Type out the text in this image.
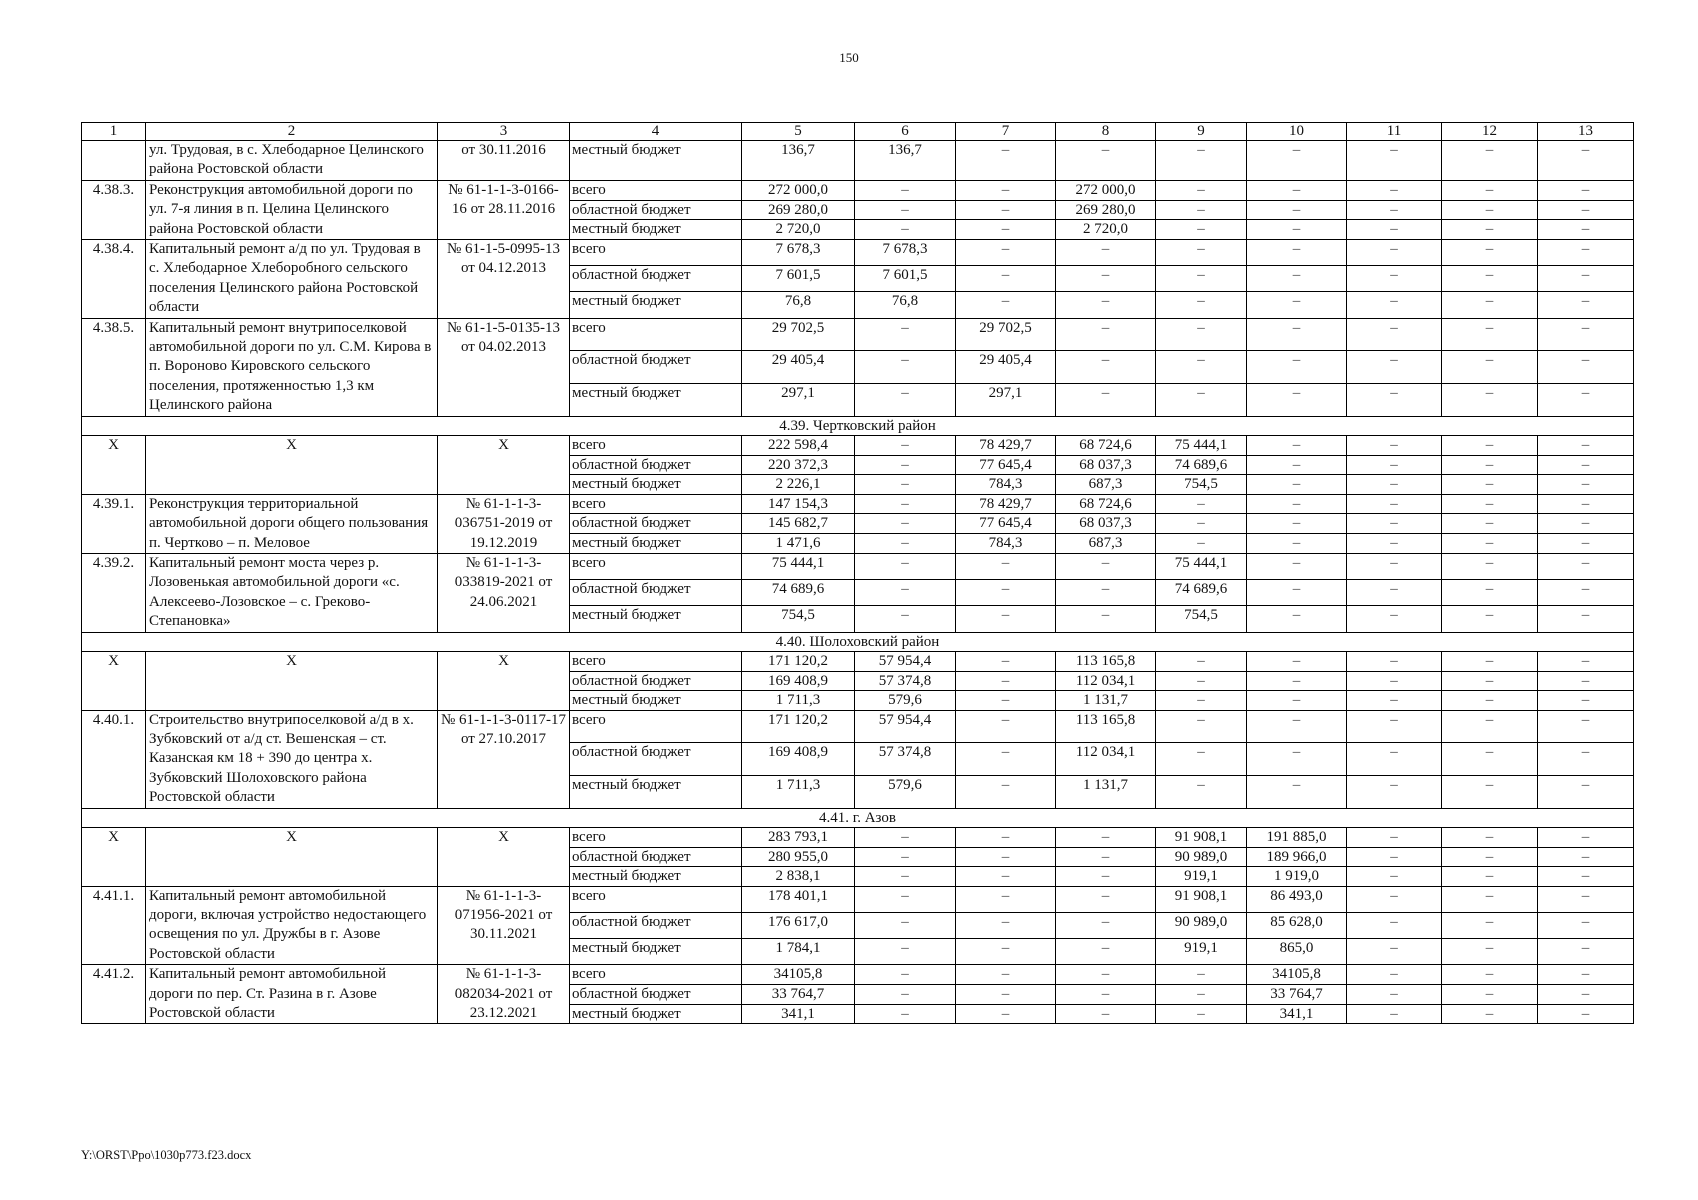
150
1	2	3	4	5	6	7	8	9	10	11	12	13
	ул. Трудовая, в с. Хлебодарное Целинского района Ростовской области	от 30.11.2016	местный бюджет	136,7	136,7	–	–	–	–	–	–	–
4.38.3.	Реконструкция автомобильной дороги по ул. 7-я линия в п. Целина Целинского района Ростовской области	№ 61-1-1-3-0166-16 от 28.11.2016	всего	272 000,0	–	–	272 000,0	–	–	–	–	–
			областной бюджет	269 280,0	–	–	269 280,0	–	–	–	–	–
			местный бюджет	2 720,0	–	–	2 720,0	–	–	–	–	–
4.38.4.	Капитальный ремонт а/д по ул. Трудовая в с. Хлебодарное Хлеборобного сельского поселения Целинского района Ростовской области	№ 61-1-5-0995-13 от 04.12.2013	всего	7 678,3	7 678,3	–	–	–	–	–	–	–
			областной бюджет	7 601,5	7 601,5	–	–	–	–	–	–	–
			местный бюджет	76,8	76,8	–	–	–	–	–	–	–
4.38.5.	Капитальный ремонт внутрипоселковой автомобильной дороги по ул. С.М. Кирова в п. Вороново Кировского сельского поселения, протяженностью 1,3 км Целинского района	№ 61-1-5-0135-13 от 04.02.2013	всего	29 702,5	–	29 702,5	–	–	–	–	–	–
			областной бюджет	29 405,4	–	29 405,4	–	–	–	–	–	–
			местный бюджет	297,1	–	297,1	–	–	–	–	–	–
4.39. Чертковский район												
Х	Х	Х	всего	222 598,4	–	78 429,7	68 724,6	75 444,1	–	–	–	–
			областной бюджет	220 372,3	–	77 645,4	68 037,3	74 689,6	–	–	–	–
			местный бюджет	2 226,1	–	784,3	687,3	754,5	–	–	–	–
4.39.1.	Реконструкция территориальной автомобильной дороги общего пользования п. Чертково – п. Меловое	№ 61-1-1-3-036751-2019 от 19.12.2019	всего	147 154,3	–	78 429,7	68 724,6	–	–	–	–	–
			областной бюджет	145 682,7	–	77 645,4	68 037,3	–	–	–	–	–
			местный бюджет	1 471,6	–	784,3	687,3	–	–	–	–	–
4.39.2.	Капитальный ремонт моста через р. Лозовенькая автомобильной дороги «с. Алексеево-Лозовское – с. Греково-Степановка»	№ 61-1-1-3-033819-2021 от 24.06.2021	всего	75 444,1	–	–	–	75 444,1	–	–	–	–
			областной бюджет	74 689,6	–	–	–	74 689,6	–	–	–	–
			местный бюджет	754,5	–	–	–	754,5	–	–	–	–
4.40. Шолоховский район												
Х	Х	Х	всего	171 120,2	57 954,4	–	113 165,8	–	–	–	–	–
			областной бюджет	169 408,9	57 374,8	–	112 034,1	–	–	–	–	–
			местный бюджет	1 711,3	579,6	–	1 131,7	–	–	–	–	–
4.40.1.	Строительство внутрипоселковой а/д в х. Зубковский от а/д ст. Вешенская – ст. Казанская км 18 + 390 до центра х. Зубковский Шолоховского района Ростовской области	№ 61-1-1-3-0117-17 от 27.10.2017	всего	171 120,2	57 954,4	–	113 165,8	–	–	–	–	–
			областной бюджет	169 408,9	57 374,8	–	112 034,1	–	–	–	–	–
			местный бюджет	1 711,3	579,6	–	1 131,7	–	–	–	–	–
4.41. г. Азов												
Х	Х	Х	всего	283 793,1	–	–	–	91 908,1	191 885,0	–	–	–
			областной бюджет	280 955,0	–	–	–	90 989,0	189 966,0	–	–	–
			местный бюджет	2 838,1	–	–	–	919,1	1 919,0	–	–	–
4.41.1.	Капитальный ремонт автомобильной дороги, включая устройство недостающего освещения по ул. Дружбы в г. Азове Ростовской области	№ 61-1-1-3-071956-2021 от 30.11.2021	всего	178 401,1	–	–	–	91 908,1	86 493,0	–	–	–
			областной бюджет	176 617,0	–	–	–	90 989,0	85 628,0	–	–	–
			местный бюджет	1 784,1	–	–	–	919,1	865,0	–	–	–
4.41.2.	Капитальный ремонт автомобильной дороги по пер. Ст. Разина в г. Азове Ростовской области	№ 61-1-1-3-082034-2021 от 23.12.2021	всего	34105,8	–	–	–	–	34105,8	–	–	–
			областной бюджет	33 764,7	–	–	–	–	33 764,7	–	–	–
			местный бюджет	341,1	–	–	–	–	341,1	–	–	–
Y:\ORST\Ppo\1030p773.f23.docx
